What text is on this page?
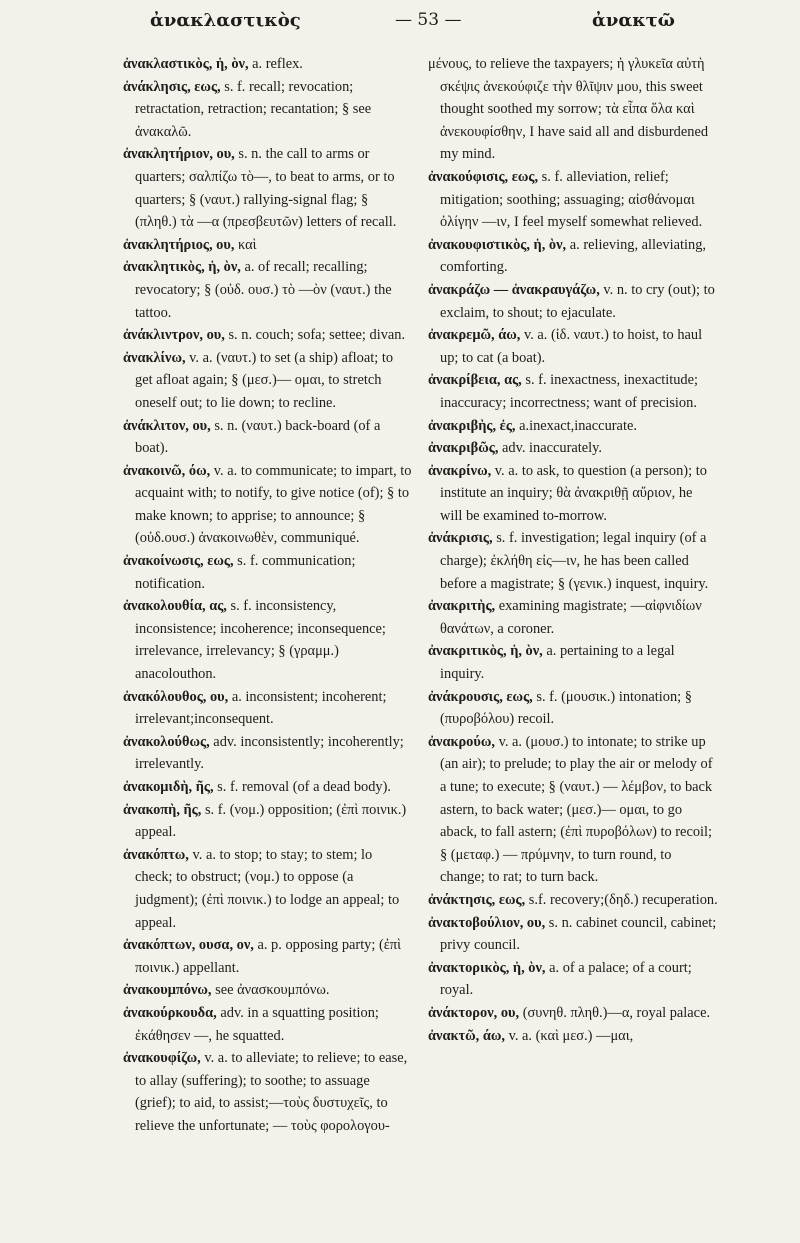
ἀνακλαστικὸς	— 53 —	ἀνακτῶ

ἀνακλαστικὸς, ἡ, ὸν, a. reflex.

ἀνάκλησις, εως, s. f. recall; revocation; retractation, retraction; recantation; § see ἀνακαλῶ.

ἀνακλητήριον, ου, s. n. the call to arms or quarters; σαλπίζω τὸ—, to beat to arms, or to quarters; § (ναυτ.) rallying-signal flag; § (πληθ.) τὰ —α (πρεσβευτῶν) letters of recall.

ἀνακλητήριος, ου, καὶ

ἀνακλητικὸς, ἡ, ὸν, a. of recall; recalling; revocatory; § (οὐδ. ουσ.) τὸ —ὸν (ναυτ.) the tattoo.

ἀνάκλιντρον, ου, s. n. couch; sofa; settee; divan.

ἀνακλίνω, v. a. (ναυτ.) to set (a ship) afloat; to get afloat again; § (μεσ.)— ομαι, to stretch oneself out; to lie down; to recline.

ἀνάκλιτον, ου, s. n. (ναυτ.) back-board (of a boat).

ἀνακοινῶ, όω, v. a. to communicate; to impart, to acquaint with; to notify, to give notice (of); § to make known; to apprise; to announce; § (οὐδ.ουσ.) ἀνακοινωθὲν, communiqué.

ἀνακοίνωσις, εως, s. f. communication; notification.

ἀνακολουθία, ας, s. f. inconsistency, inconsistence; incoherence; inconsequence; irrelevance, irrelevancy; § (γραμμ.) anacolouthon.

ἀνακόλουθος, ου, a. inconsistent; incoherent; irrelevant;inconsequent.

ἀνακολούθως, adv. inconsistently; incoherently; irrelevantly.

ἀνακομιδὴ, ῆς, s. f. removal (of a dead body).

ἀνακοπὴ, ῆς, s. f. (νομ.) opposition; (ἐπὶ ποινικ.) appeal.

ἀνακόπτω, v. a. to stop; to stay; to stem; lo check; to obstruct; (νομ.) to oppose (a judgment); (ἐπὶ ποινικ.) to lodge an appeal; to appeal.

ἀνακόπτων, ουσα, ον, a. p. opposing party; (ἐπὶ ποινικ.) appellant.

ἀνακουμπόνω, see ἀνασκουμπόνω.

ἀνακούρκουδα, adv. in a squatting position; ἐκάθησεν —, he squatted.

ἀνακουφίζω, v. a. to alleviate; to relieve; to ease, to allay (suffering); to soothe; to assuage (grief); to aid, to assist;—τοὺς δυστυχεῖς, to relieve the unfortunate; — τοὺς φορολογου-

μένους, to relieve the taxpayers; ἡ γλυκεῖα αὐτὴ σκέψις ἀνεκούφιζε τὴν θλῖψιν μου, this sweet thought soothed my sorrow; τὰ εἶπα ὅλα καὶ ἀνεκουφίσθην, I have said all and disburdened my mind.

ἀνακούφισις, εως, s. f. alleviation, relief; mitigation; soothing; assuaging; αἰσθάνομαι ὀλίγην —ιν, I feel myself somewhat relieved.

ἀνακουφιστικὸς, ἡ, ὸν, a. relieving, alleviating, comforting.

ἀνακράζω — ἀνακραυγάζω, v. n. to cry (out); to exclaim, to shout; to ejaculate.

ἀνακρεμῶ, άω, v. a. (ἰδ. ναυτ.) to hoist, to haul up; to cat (a boat).

ἀνακρίβεια, ας, s. f. inexactness, inexactitude; inaccuracy; incorrectness; want of precision.

ἀνακριβὴς, ἐς, a.inexact,inaccurate.

ἀνακριβῶς, adv. inaccurately.

ἀνακρίνω, v. a. to ask, to question (a person); to institute an inquiry; θὰ ἀνακριθῇ αὔριον, he will be examined to-morrow.

ἀνάκρισις, s. f. investigation; legal inquiry (of a charge); ἐκλήθη εἰς—ιν, he has been called before a magistrate; § (γενικ.) inquest, inquiry.

ἀνακριτὴς, examining magistrate; —αἰφνιδίων θανάτων, a coroner.

ἀνακριτικὸς, ἡ, ὸν, a. pertaining to a legal inquiry.

ἀνάκρουσις, εως, s. f. (μουσικ.) intonation; § (πυροβόλου) recoil.

ἀνακρούω, v. a. (μουσ.) to intonate; to strike up (an air); to prelude; to play the air or melody of a tune; to execute; § (ναυτ.) — λέμβον, to back astern, to back water; (μεσ.)— ομαι, to go aback, to fall astern; (ἐπὶ πυροβόλων) to recoil; § (μεταφ.) — πρύμνην, to turn round, to change; to rat; to turn back.

ἀνάκτησις, εως, s.f. recovery;(δηδ.) recuperation.

ἀνακτοβούλιον, ου, s. n. cabinet council, cabinet; privy council.

ἀνακτορικὸς, ἡ, ὸν, a. of a palace; of a court; royal.

ἀνάκτορον, ου, (συνηθ. πληθ.)—α, royal palace.

ἀνακτῶ, άω, v. a. (καὶ μεσ.) —μαι,
